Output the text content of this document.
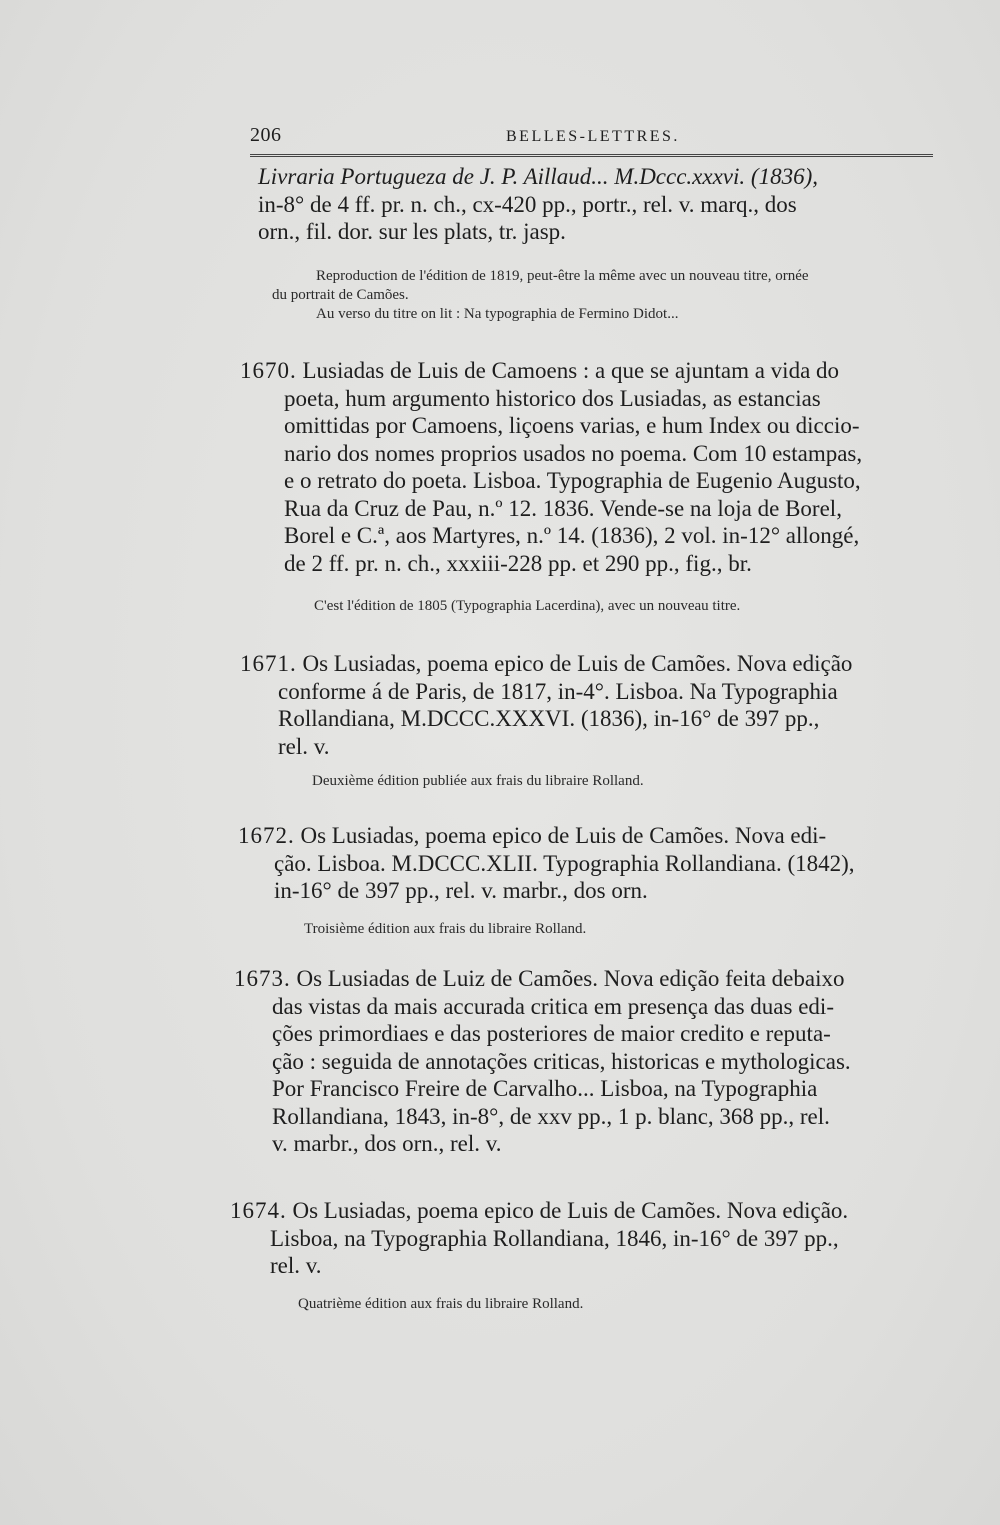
206	BELLES-LETTRES.
Livraria Portugueza de J. P. Aillaud... M.Dccc.xxxvi. (1836),
in-8° de 4 ff. pr. n. ch., cx-420 pp., portr., rel. v. marq., dos
orn., fil. dor. sur les plats, tr. jasp.
Reproduction de l'édition de 1819, peut-être la même avec un nouveau titre, ornée
du portrait de Camões.
Au verso du titre on lit : Na typographia de Fermino Didot...
1670. Lusiadas de Luis de Camoens : a que se ajuntam a vida do
poeta, hum argumento historico dos Lusiadas, as estancias
omittidas por Camoens, liçoens varias, e hum Index ou diccio-
nario dos nomes proprios usados no poema. Com 10 estampas,
e o retrato do poeta. Lisboa. Typographia de Eugenio Augusto,
Rua da Cruz de Pau, n.º 12. 1836. Vende-se na loja de Borel,
Borel e C.ª, aos Martyres, n.º 14. (1836), 2 vol. in-12° allongé,
de 2 ff. pr. n. ch., xxxiii-228 pp. et 290 pp., fig., br.
C'est l'édition de 1805 (Typographia Lacerdina), avec un nouveau titre.
1671. Os Lusiadas, poema epico de Luis de Camões. Nova edição
conforme á de Paris, de 1817, in-4°. Lisboa. Na Typographia
Rollandiana, M.DCCC.XXXVI. (1836), in-16° de 397 pp.,
rel. v.
Deuxième édition publiée aux frais du libraire Rolland.
1672. Os Lusiadas, poema epico de Luis de Camões. Nova edi-
ção. Lisboa. M.DCCC.XLII. Typographia Rollandiana. (1842),
in-16° de 397 pp., rel. v. marbr., dos orn.
Troisième édition aux frais du libraire Rolland.
1673. Os Lusiadas de Luiz de Camões. Nova edição feita debaixo
das vistas da mais accurada critica em presença das duas edi-
ções primordiaes e das posteriores de maior credito e reputa-
ção : seguida de annotações criticas, historicas e mythologicas.
Por Francisco Freire de Carvalho... Lisboa, na Typographia
Rollandiana, 1843, in-8°, de xxv pp., 1 p. blanc, 368 pp., rel.
v. marbr., dos orn., rel. v.
1674. Os Lusiadas, poema epico de Luis de Camões. Nova edição.
Lisboa, na Typographia Rollandiana, 1846, in-16° de 397 pp.,
rel. v.
Quatrième édition aux frais du libraire Rolland.
